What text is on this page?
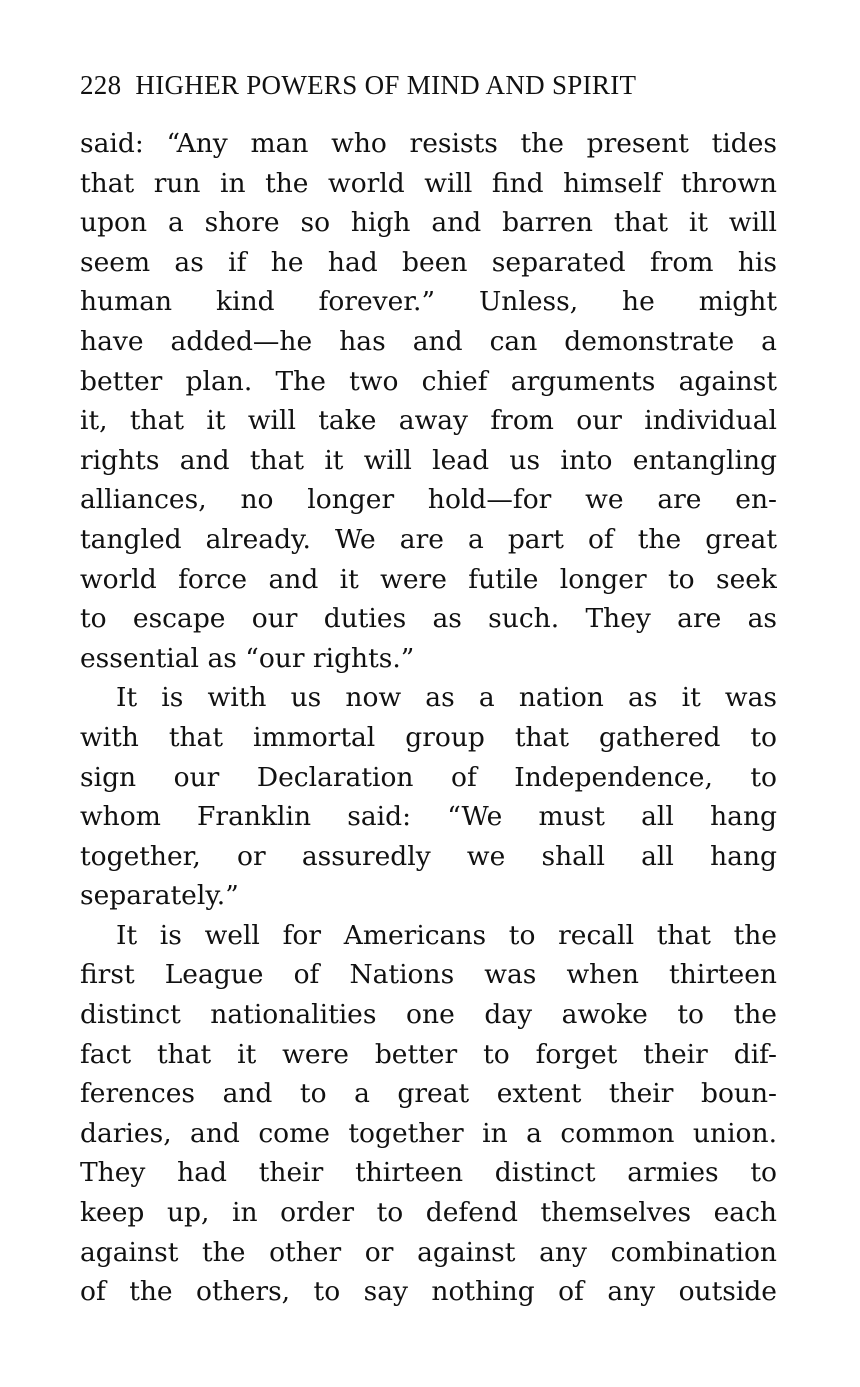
228 HIGHER POWERS OF MIND AND SPIRIT
said: “Any man who resists the present tides
that run in the world will find himself thrown
upon a shore so high and barren that it will
seem as if he had been separated from his
human kind forever.” Unless, he might
have added—he has and can demonstrate a
better plan. The two chief arguments against
it, that it will take away from our individual
rights and that it will lead us into entangling
alliances, no longer hold—for we are en-
tangled already. We are a part of the great
world force and it were futile longer to seek
to escape our duties as such. They are as
essential as “our rights.”
It is with us now as a nation as it was
with that immortal group that gathered to
sign our Declaration of Independence, to
whom Franklin said: “We must all hang
together, or assuredly we shall all hang
separately.”
It is well for Americans to recall that the
first League of Nations was when thirteen
distinct nationalities one day awoke to the
fact that it were better to forget their dif-
ferences and to a great extent their boun-
daries, and come together in a common union.
They had their thirteen distinct armies to
keep up, in order to defend themselves each
against the other or against any combination
of the others, to say nothing of any outside
